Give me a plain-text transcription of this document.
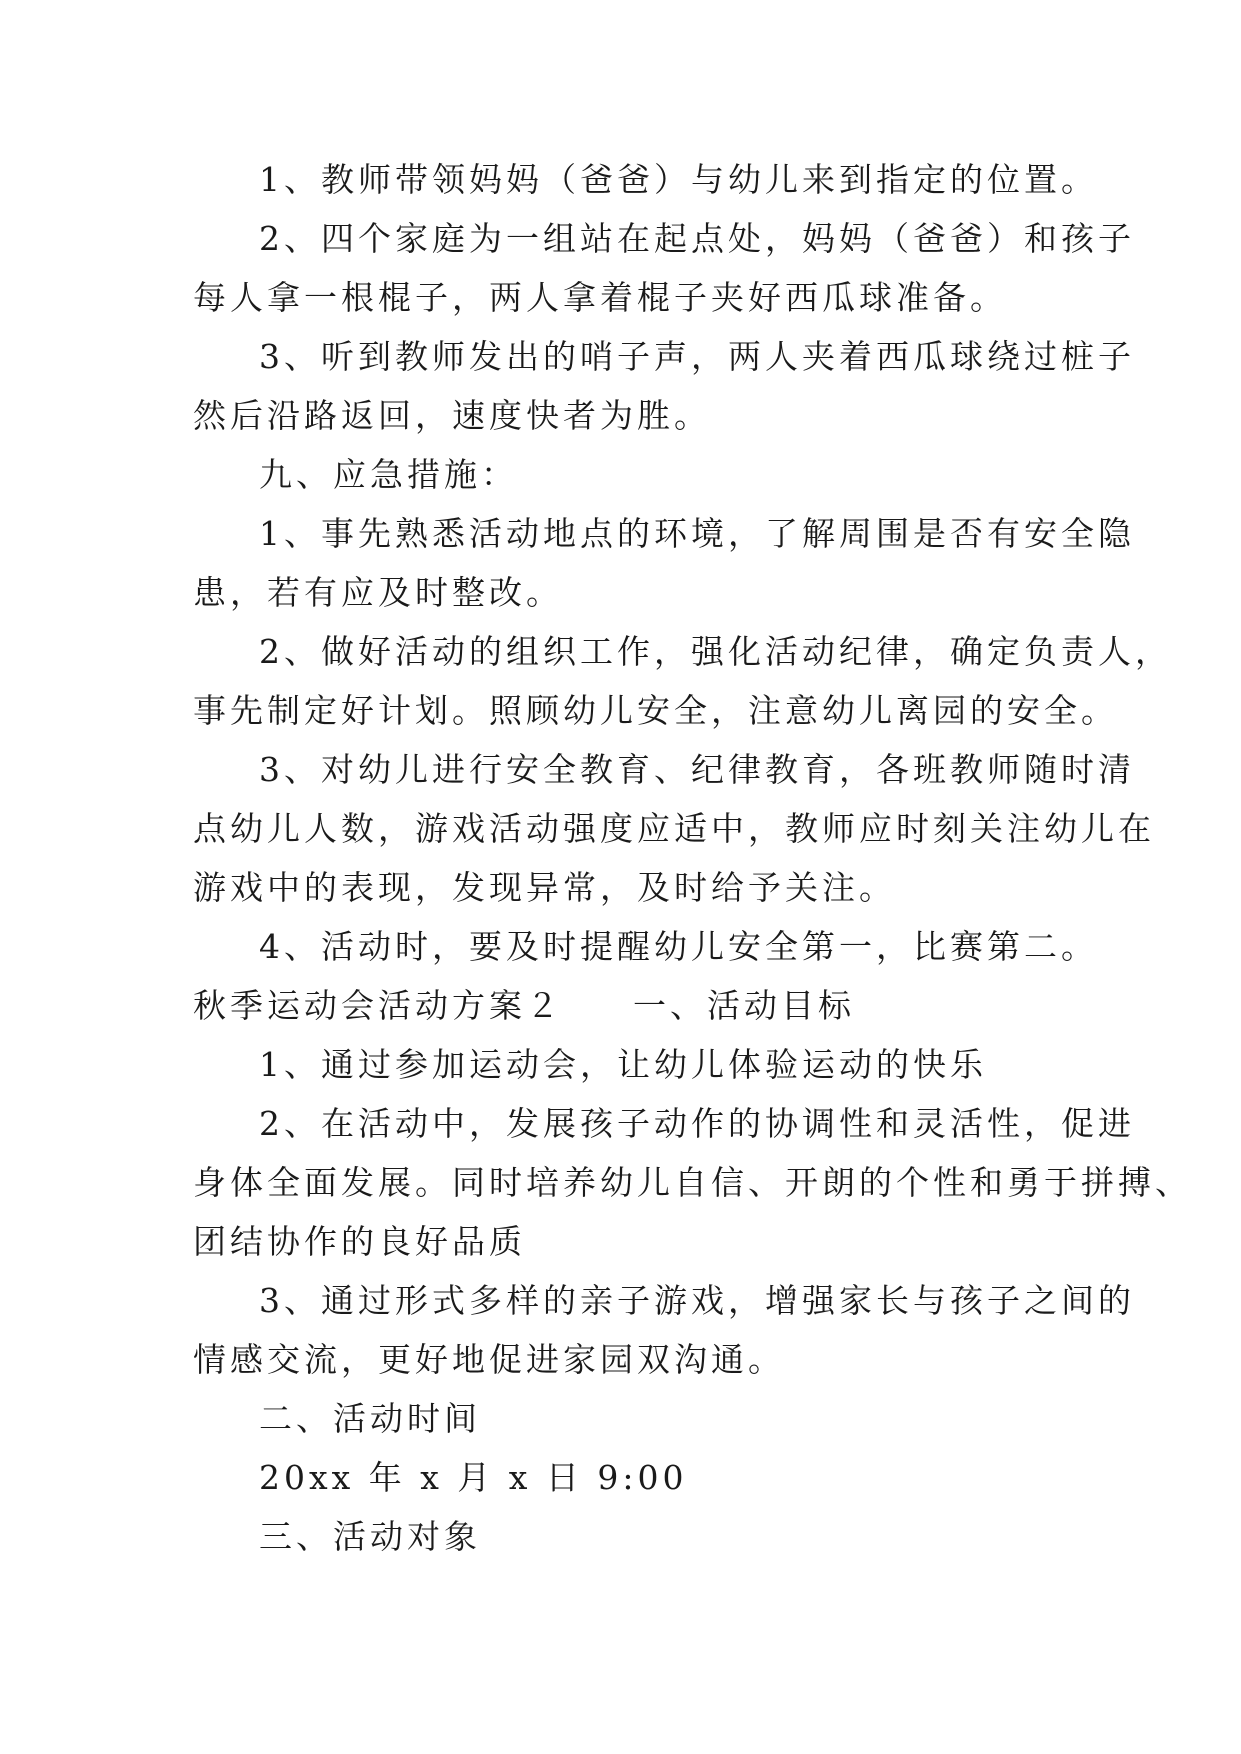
1、教师带领妈妈（爸爸）与幼儿来到指定的位置。

2、四个家庭为一组站在起点处，妈妈（爸爸）和孩子

每人拿一根棍子，两人拿着棍子夹好西瓜球准备。

3、听到教师发出的哨子声，两人夹着西瓜球绕过桩子

然后沿路返回，速度快者为胜。

九、应急措施：

1、事先熟悉活动地点的环境，了解周围是否有安全隐

患，若有应及时整改。

2、做好活动的组织工作，强化活动纪律，确定负责人，

事先制定好计划。照顾幼儿安全，注意幼儿离园的安全。

3、对幼儿进行安全教育、纪律教育，各班教师随时清

点幼儿人数，游戏活动强度应适中，教师应时刻关注幼儿在

游戏中的表现，发现异常，及时给予关注。

4、活动时，要及时提醒幼儿安全第一，比赛第二。

秋季运动会活动方案２ 一、活动目标

1、通过参加运动会，让幼儿体验运动的快乐

2、在活动中，发展孩子动作的协调性和灵活性，促进

身体全面发展。同时培养幼儿自信、开朗的个性和勇于拼搏、

团结协作的良好品质

3、通过形式多样的亲子游戏，增强家长与孩子之间的

情感交流，更好地促进家园双沟通。

二、活动时间

20xx 年 x 月 x 日 9:00

三、活动对象
